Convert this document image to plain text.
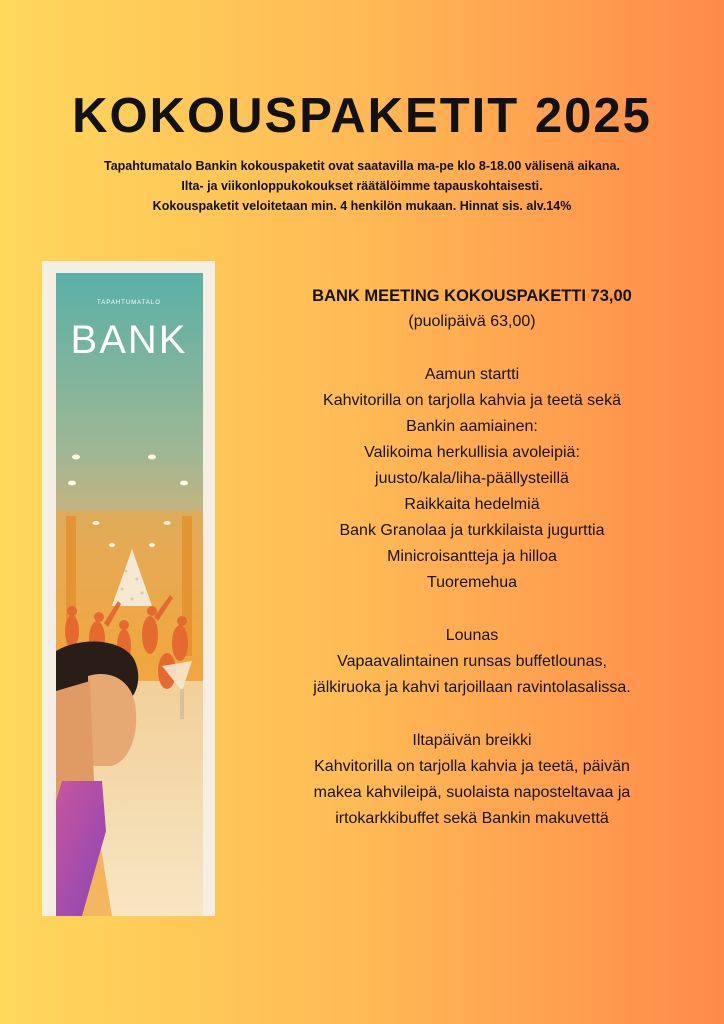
KOKOUSPAKETIT 2025
Tapahtumatalo Bankin kokouspaketit ovat saatavilla ma-pe klo 8-18.00 välisenä aikana.
Ilta- ja viikonloppukokoukset räätälöimme tapauskohtaisesti.
Kokouspaketit veloitetaan min. 4 henkilön mukaan. Hinnat sis. alv.14%
TAPAHTUMATALO
BANK
BANK MEETING KOKOUSPAKETTI 73,00
(puolipäivä 63,00)
Aamun startti
Kahvitorilla on tarjolla kahvia ja teetä sekä
Bankin aamiainen:
Valikoima herkullisia avoleipiä:
juusto/kala/liha-päällysteillä
Raikkaita hedelmiä
Bank Granolaa ja turkkilaista jugurttia
Minicroisantteja ja hilloa
Tuoremehua
Lounas
Vapaavalintainen runsas buffetlounas,
jälkiruoka ja kahvi tarjoillaan ravintolasalissa.
Iltapäivän breikki
Kahvitorilla on tarjolla kahvia ja teetä, päivän
makea kahvileipä, suolaista naposteltavaa ja
irtokarkkibuffet sekä Bankin makuvettä
